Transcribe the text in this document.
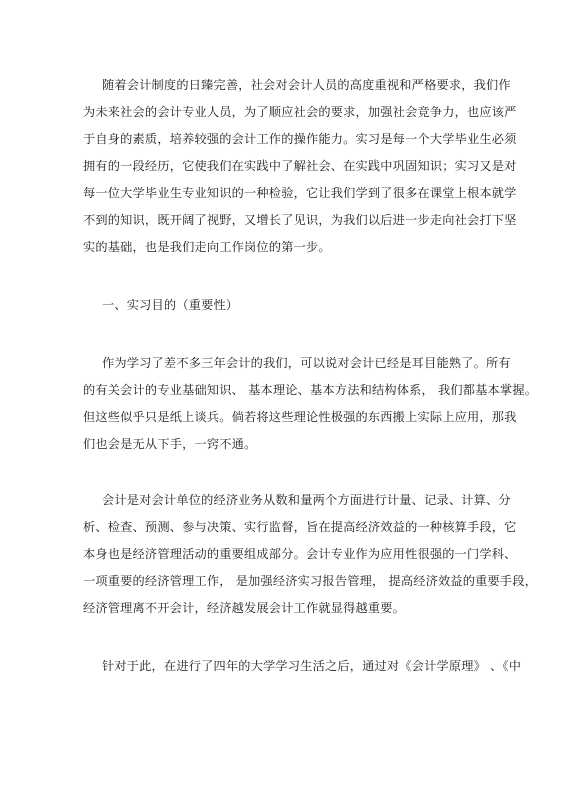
随着会计制度的日臻完善，社会对会计人员的高度重视和严格要求，我们作
为未来社会的会计专业人员，为了顺应社会的要求，加强社会竞争力，也应该严
于自身的素质，培养较强的会计工作的操作能力。实习是每一个大学毕业生必须
拥有的一段经历，它使我们在实践中了解社会、在实践中巩固知识；实习又是对
每一位大学毕业生专业知识的一种检验，它让我们学到了很多在课堂上根本就学
不到的知识，既开阔了视野，又增长了见识，为我们以后进一步走向社会打下坚
实的基础，也是我们走向工作岗位的第一步。
一、实习目的（重要性）
作为学习了差不多三年会计的我们，可以说对会计已经是耳目能熟了。所有
的有关会计的专业基础知识、 基本理论、基本方法和结构体系， 我们都基本掌握。
但这些似乎只是纸上谈兵。倘若将这些理论性极强的东西搬上实际上应用，那我
们也会是无从下手，一窍不通。
会计是对会计单位的经济业务从数和量两个方面进行计量、记录、计算、分
析、检查、预测、参与决策、实行监督，旨在提高经济效益的一种核算手段，它
本身也是经济管理活动的重要组成部分。会计专业作为应用性很强的一门学科、
一项重要的经济管理工作， 是加强经济实习报告管理， 提高经济效益的重要手段，
经济管理离不开会计，经济越发展会计工作就显得越重要。
针对于此，在进行了四年的大学学习生活之后，通过对《会计学原理》 、《中
